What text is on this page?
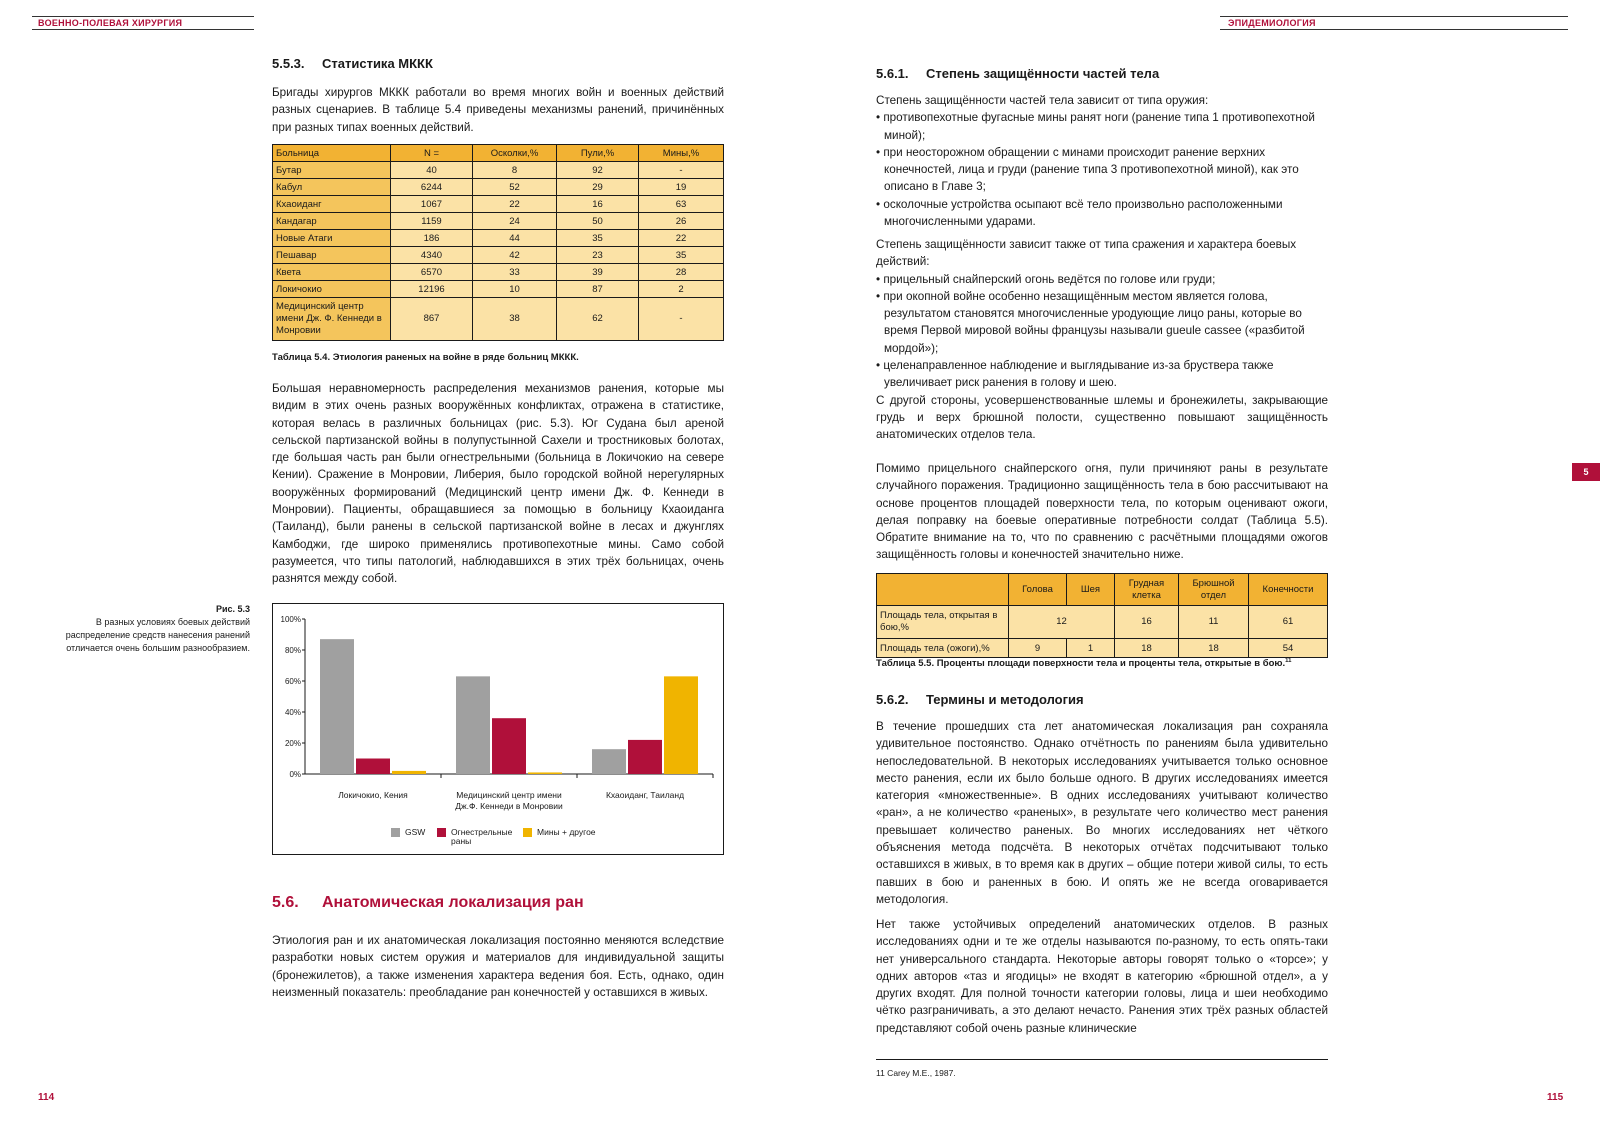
ВОЕННО-ПОЛЕВАЯ ХИРУРГИЯ
5.5.3. Статистика МККК
Бригады хирургов МККК работали во время многих войн и военных действий разных сценариев. В таблице 5.4 приведены механизмы ранений, причинённых при разных типах военных действий.
Больница	N =	Осколки,%	Пули,%	Мины,%
Бутар	40	8	92	-
Кабул	6244	52	29	19
Кхаоиданг	1067	22	16	63
Кандагар	1159	24	50	26
Новые Атаги	186	44	35	22
Пешавар	4340	42	23	35
Квета	6570	33	39	28
Локичокио	12196	10	87	2
Медицинский центр имени Дж. Ф. Кеннеди в Монровии	867	38	62	-
Таблица 5.4. Этиология раненых на войне в ряде больниц МККК.
Большая неравномерность распределения механизмов ранения, которые мы видим в этих очень разных вооружённых конфликтах, отражена в статистике, которая велась в различных больницах (рис. 5.3). Юг Судана был ареной сельской партизанской войны в полупустынной Сахели и тростниковых болотах, где большая часть ран были огнестрельными (больница в Локичокио на севере Кении). Сражение в Монровии, Либерия, было городской войной нерегулярных вооружённых формирований (Медицинский центр имени Дж. Ф. Кеннеди в Монровии). Пациенты, обращавшиеся за помощью в больницу Кхаоиданга (Таиланд), были ранены в сельской партизанской войне в лесах и джунглях Камбоджи, где широко применялись противопехотные мины. Само собой разумеется, что типы патологий, наблюдавшихся в этих трёх больницах, очень разнятся между собой.
Рис. 5.3
В разных условиях боевых действий распределение средств нанесения ранений отличается очень большим разнообразием.
5.6. Анатомическая локализация ран
Этиология ран и их анатомическая локализация постоянно меняются вследствие разработки новых систем оружия и материалов для индивидуальной защиты (бронежилетов), а также изменения характера ведения боя. Есть, однако, один неизменный показатель: преобладание ран конечностей у оставшихся в живых.
114
0%
20%
40%
60%
80%
100%
Локичокио, Кения	Медицинский центр имени
Дж.Ф. Кеннеди в Монровии
Кхаоиданг, Таиланд
GSW	Огнестрельные
раны
Мины + другое
ЭПИДЕМИОЛОГИЯ
5
5.6.1. Степень защищённости частей тела
Степень защищённости частей тела зависит от типа оружия:
• противопехотные фугасные мины ранят ноги (ранение типа 1 противопехотной миной);
• при неосторожном обращении с минами происходит ранение верхних конечностей, лица и груди (ранение типа 3 противопехотной миной), как это описано в Главе 3;
• осколочные устройства осыпают всё тело произвольно расположенными многочисленными ударами.
Степень защищённости зависит также от типа сражения и характера боевых действий:
• прицельный снайперский огонь ведётся по голове или груди;
• при окопной войне особенно незащищённым местом является голова, результатом становятся многочисленные уродующие лицо раны, которые во время Первой мировой войны французы называли gueule cassee («разбитой мордой»);
• целенаправленное наблюдение и выглядывание из-за бруствера также увеличивает риск ранения в голову и шею.
С другой стороны, усовершенствованные шлемы и бронежилеты, закрывающие грудь и верх брюшной полости, существенно повышают защищённость анатомических отделов тела.
Помимо прицельного снайперского огня, пули причиняют раны в результате случайного поражения. Традиционно защищённость тела в бою рассчитывают на основе процентов площадей поверхности тела, по которым оценивают ожоги, делая поправку на боевые оперативные потребности солдат (Таблица 5.5). Обратите внимание на то, что по сравнению с расчётными площадями ожогов защищённость головы и конечностей значительно ниже.
Таблица 5.5. Проценты площади поверхности тела и проценты тела, открытые в бою.$^{11}$
5.6.2. Термины и методология
В течение прошедших ста лет анатомическая локализация ран сохраняла удивительное постоянство. Однако отчётность по ранениям была удивительно непоследовательной. В некоторых исследованиях учитывается только основное место ранения, если их было больше одного. В других исследованиях имеется категория «множественные». В одних исследованиях учитывают количество «ран», а не количество «раненых», в результате чего количество мест ранения превышает количество раненых. Во многих исследованиях нет чёткого объяснения метода подсчёта. В некоторых отчётах подсчитывают только оставшихся в живых, в то время как в других – общие потери живой силы, то есть павших в бою и раненных в бою. И опять же не всегда оговаривается методология.
Нет также устойчивых определений анатомических отделов. В разных исследованиях одни и те же отделы называются по-разному, то есть опять-таки нет универсального стандарта. Некоторые авторы говорят только о «торсе»; у одних авторов «таз и ягодицы» не входят в категорию «брюшной отдел», а у других входят. Для полной точности категории головы, лица и шеи необходимо чётко разграничивать, а это делают нечасто. Ранения этих трёх разных областей представляют собой очень разные клинические
115
	Голова	Шея	Грудная клетка	Брюшной отдел	Конечности
Площадь тела, открытая в бою,%	12		16	11	61
Площадь тела (ожоги),%	9	1	18	18	54
11 Carey M.E., 1987.
